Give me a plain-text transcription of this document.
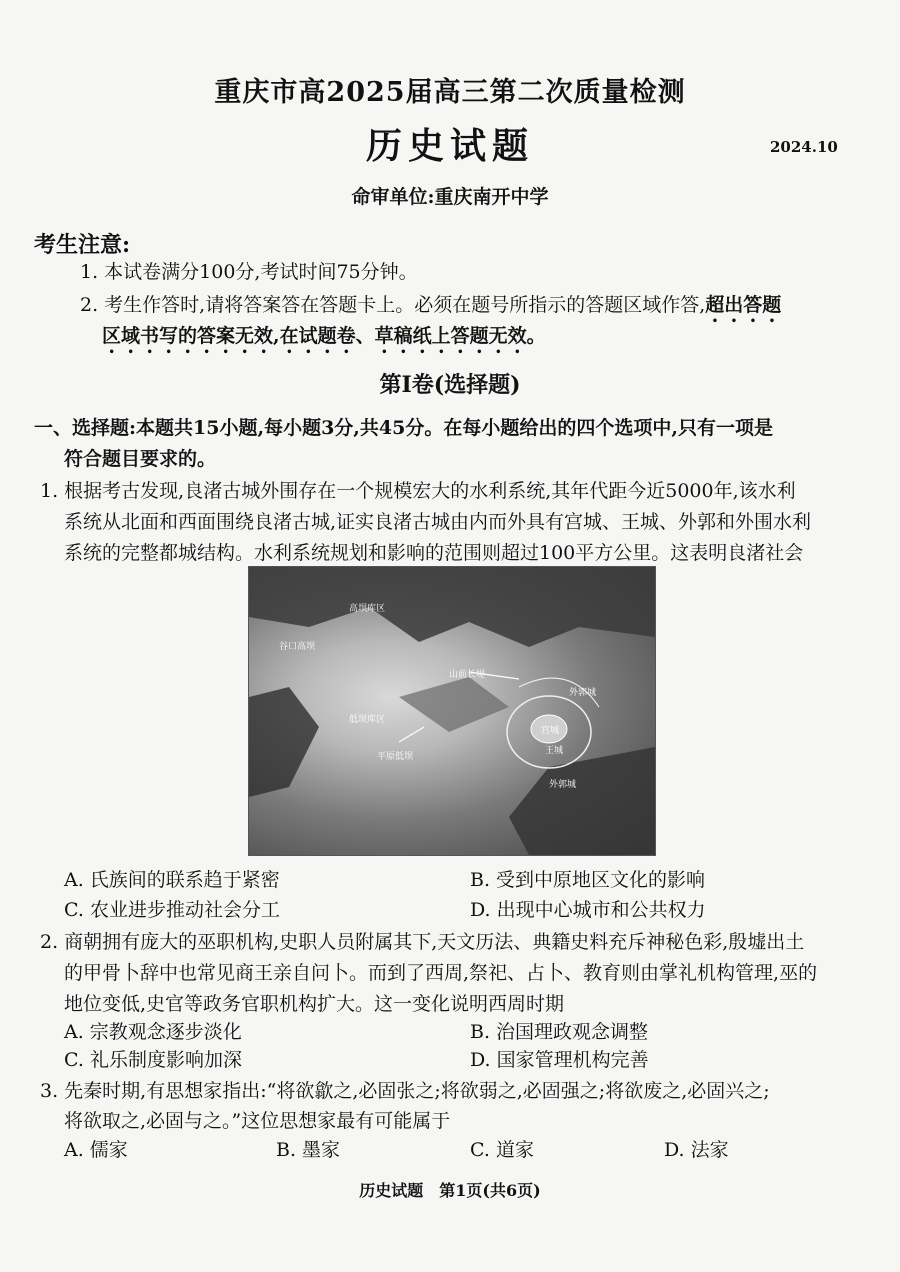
重庆市高2025届高三第二次质量检测
历史试题	2024.10
命审单位:重庆南开中学
考生注意:
1. 本试卷满分100分,考试时间75分钟。
2. 考生作答时,请将答案答在答题卡上。必须在题号所指示的答题区域作答,超出答题
区域书写的答案无效,在试题卷、草稿纸上答题无效。
第Ⅰ卷(选择题)
一、选择题:本题共15小题,每小题3分,共45分。在每小题给出的四个选项中,只有一项是
符合题目要求的。
1. 根据考古发现,良渚古城外围存在一个规模宏大的水利系统,其年代距今近5000年,该水利
系统从北面和西面围绕良渚古城,证实良渚古城由内而外具有宫城、王城、外郭和外围水利
系统的完整都城结构。水利系统规划和影响的范围则超过100平方公里。这表明良渚社会
高坝库区
谷口高坝
低坝库区
平原低坝
山前长堤
外郭城
宫城
王城
外郭城
A. 氏族间的联系趋于紧密	B. 受到中原地区文化的影响
C. 农业进步推动社会分工	D. 出现中心城市和公共权力
2. 商朝拥有庞大的巫职机构,史职人员附属其下,天文历法、典籍史料充斥神秘色彩,殷墟出土
的甲骨卜辞中也常见商王亲自问卜。而到了西周,祭祀、占卜、教育则由掌礼机构管理,巫的
地位变低,史官等政务官职机构扩大。这一变化说明西周时期
A. 宗教观念逐步淡化	B. 治国理政观念调整
C. 礼乐制度影响加深	D. 国家管理机构完善
3. 先秦时期,有思想家指出:“将欲歙之,必固张之;将欲弱之,必固强之;将欲废之,必固兴之;
将欲取之,必固与之。”这位思想家最有可能属于
A. 儒家	B. 墨家	C. 道家	D. 法家
历史试题　第1页(共6页)
